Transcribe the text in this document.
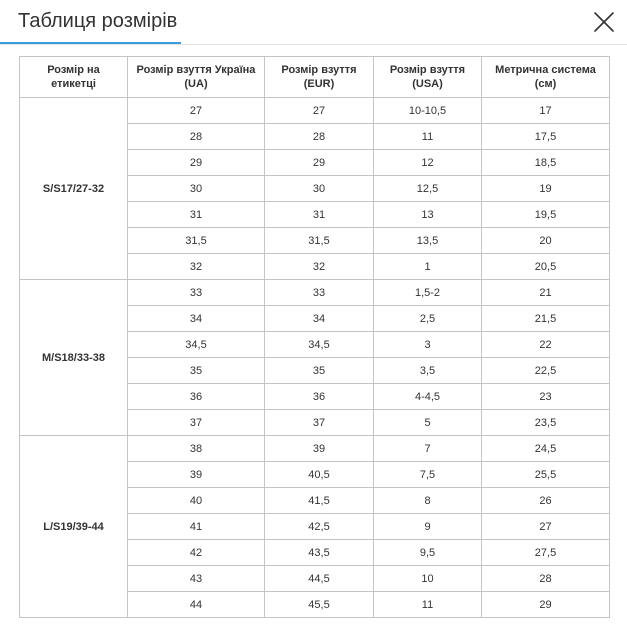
Таблиця розмірів
Розмір на етикетці	Розмір взуття Україна (UA)	Розмір взуття (EUR)	Розмір взуття (USA)	Метрична система (см)
S/S17/27-32	27	27	10-10,5	17
	28	28	11	17,5
	29	29	12	18,5
	30	30	12,5	19
	31	31	13	19,5
	31,5	31,5	13,5	20
	32	32	1	20,5
M/S18/33-38	33	33	1,5-2	21
	34	34	2,5	21,5
	34,5	34,5	3	22
	35	35	3,5	22,5
	36	36	4-4,5	23
	37	37	5	23,5
L/S19/39-44	38	39	7	24,5
	39	40,5	7,5	25,5
	40	41,5	8	26
	41	42,5	9	27
	42	43,5	9,5	27,5
	43	44,5	10	28
	44	45,5	11	29
